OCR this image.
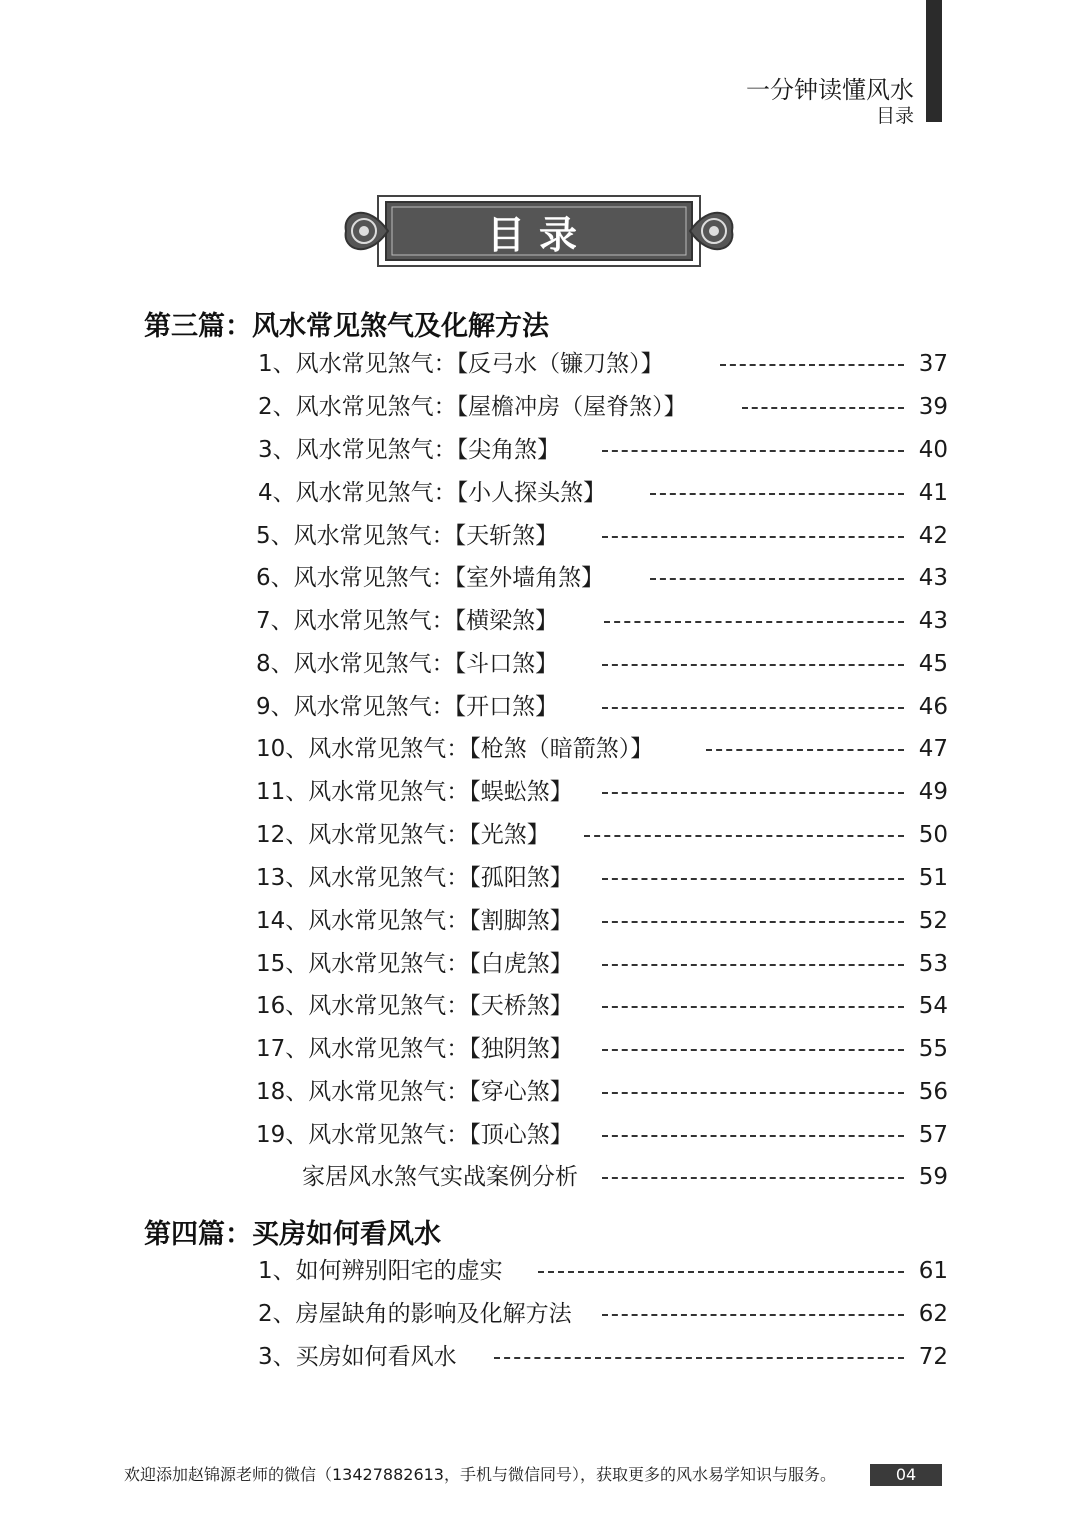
一分钟读懂风水
目录
目录
第三篇：风水常见煞气及化解方法
1、风水常见煞气：【反弓水（镰刀煞）】	37
2、风水常见煞气：【屋檐冲房（屋脊煞）】	39
3、风水常见煞气：【尖角煞】	40
4、风水常见煞气：【小人探头煞】	41
5、风水常见煞气：【天斩煞】	42
6、风水常见煞气：【室外墙角煞】	43
7、风水常见煞气：【横梁煞】	43
8、风水常见煞气：【斗口煞】	45
9、风水常见煞气：【开口煞】	46
10、风水常见煞气：【枪煞（暗箭煞）】	47
11、风水常见煞气：【蜈蚣煞】	49
12、风水常见煞气：【光煞】	50
13、风水常见煞气：【孤阳煞】	51
14、风水常见煞气：【割脚煞】	52
15、风水常见煞气：【白虎煞】	53
16、风水常见煞气：【天桥煞】	54
17、风水常见煞气：【独阴煞】	55
18、风水常见煞气：【穿心煞】	56
19、风水常见煞气：【顶心煞】	57
家居风水煞气实战案例分析	59
第四篇：买房如何看风水
1、如何辨别阳宅的虚实	61
2、房屋缺角的影响及化解方法	62
3、买房如何看风水	72
欢迎添加赵锦源老师的微信（13427882613，手机与微信同号），获取更多的风水易学知识与服务。	04
